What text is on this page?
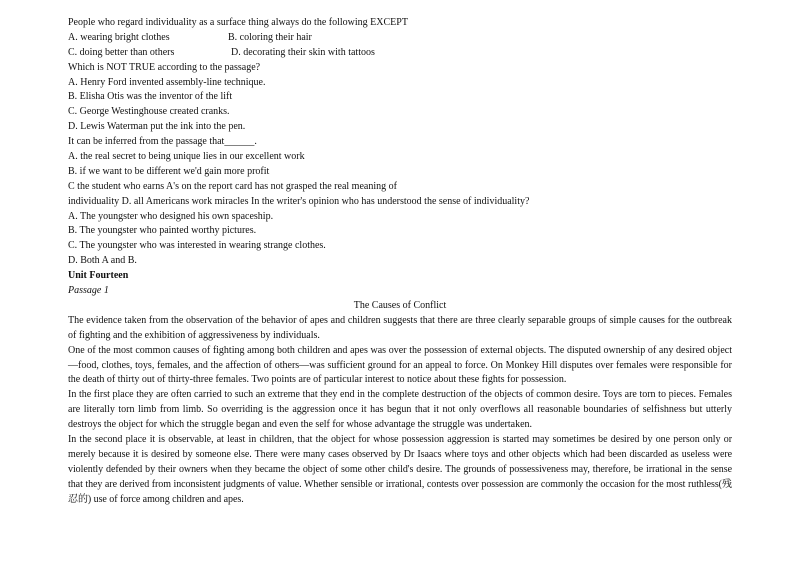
People who regard individuality as a surface thing always do the following EXCEPT
A. wearing bright clothes	B. coloring their hair
C. doing better than others	D. decorating their skin with tattoos
Which is NOT TRUE according to the passage?
A. Henry Ford invented assembly-line technique.
B. Elisha Otis was the inventor of the lift
C. George Westinghouse created cranks.
D. Lewis Waterman put the ink into the pen.
It can be inferred from the passage that______.
A. the real secret to being unique lies in our excellent work
B. if we want to be different we'd gain more profit
C the student who earns A's on the report card has not grasped the real meaning of
individuality D. all Americans work miracles In the writer's opinion who has understood the sense of individuality?
A. The youngster who designed his own spaceship.
B. The youngster who painted worthy pictures.
C. The youngster who was interested in wearing strange clothes.
D. Both A and B.
Unit Fourteen
Passage 1
The Causes of Conflict
The evidence taken from the observation of the behavior of apes and children suggests that there are three clearly separable groups of simple causes for the outbreak of fighting and the exhibition of aggressiveness by individuals.
One of the most common causes of fighting among both children and apes was over the possession of external objects. The disputed ownership of any desired object—food, clothes, toys, females, and the affection of others—was sufficient ground for an appeal to force. On Monkey Hill disputes over females were responsible for the death of thirty out of thirty-three females. Two points are of particular interest to notice about these fights for possession.
In the first place they are often carried to such an extreme that they end in the complete destruction of the objects of common desire. Toys are torn to pieces. Females are literally torn limb from limb. So overriding is the aggression once it has begun that it not only overflows all reasonable boundaries of selfishness but utterly destroys the object for which the struggle began and even the self for whose advantage the struggle was undertaken.
In the second place it is observable, at least in children, that the object for whose possession aggression is started may sometimes be desired by one person only or merely because it is desired by someone else. There were many cases observed by Dr Isaacs where toys and other objects which had been discarded as useless were violently defended by their owners when they became the object of some other child's desire. The grounds of possessiveness may, therefore, be irrational in the sense that they are derived from inconsistent judgments of value. Whether sensible or irrational, contests over possession are commonly the occasion for the most ruthless(残忍的) use of force among children and apes.
